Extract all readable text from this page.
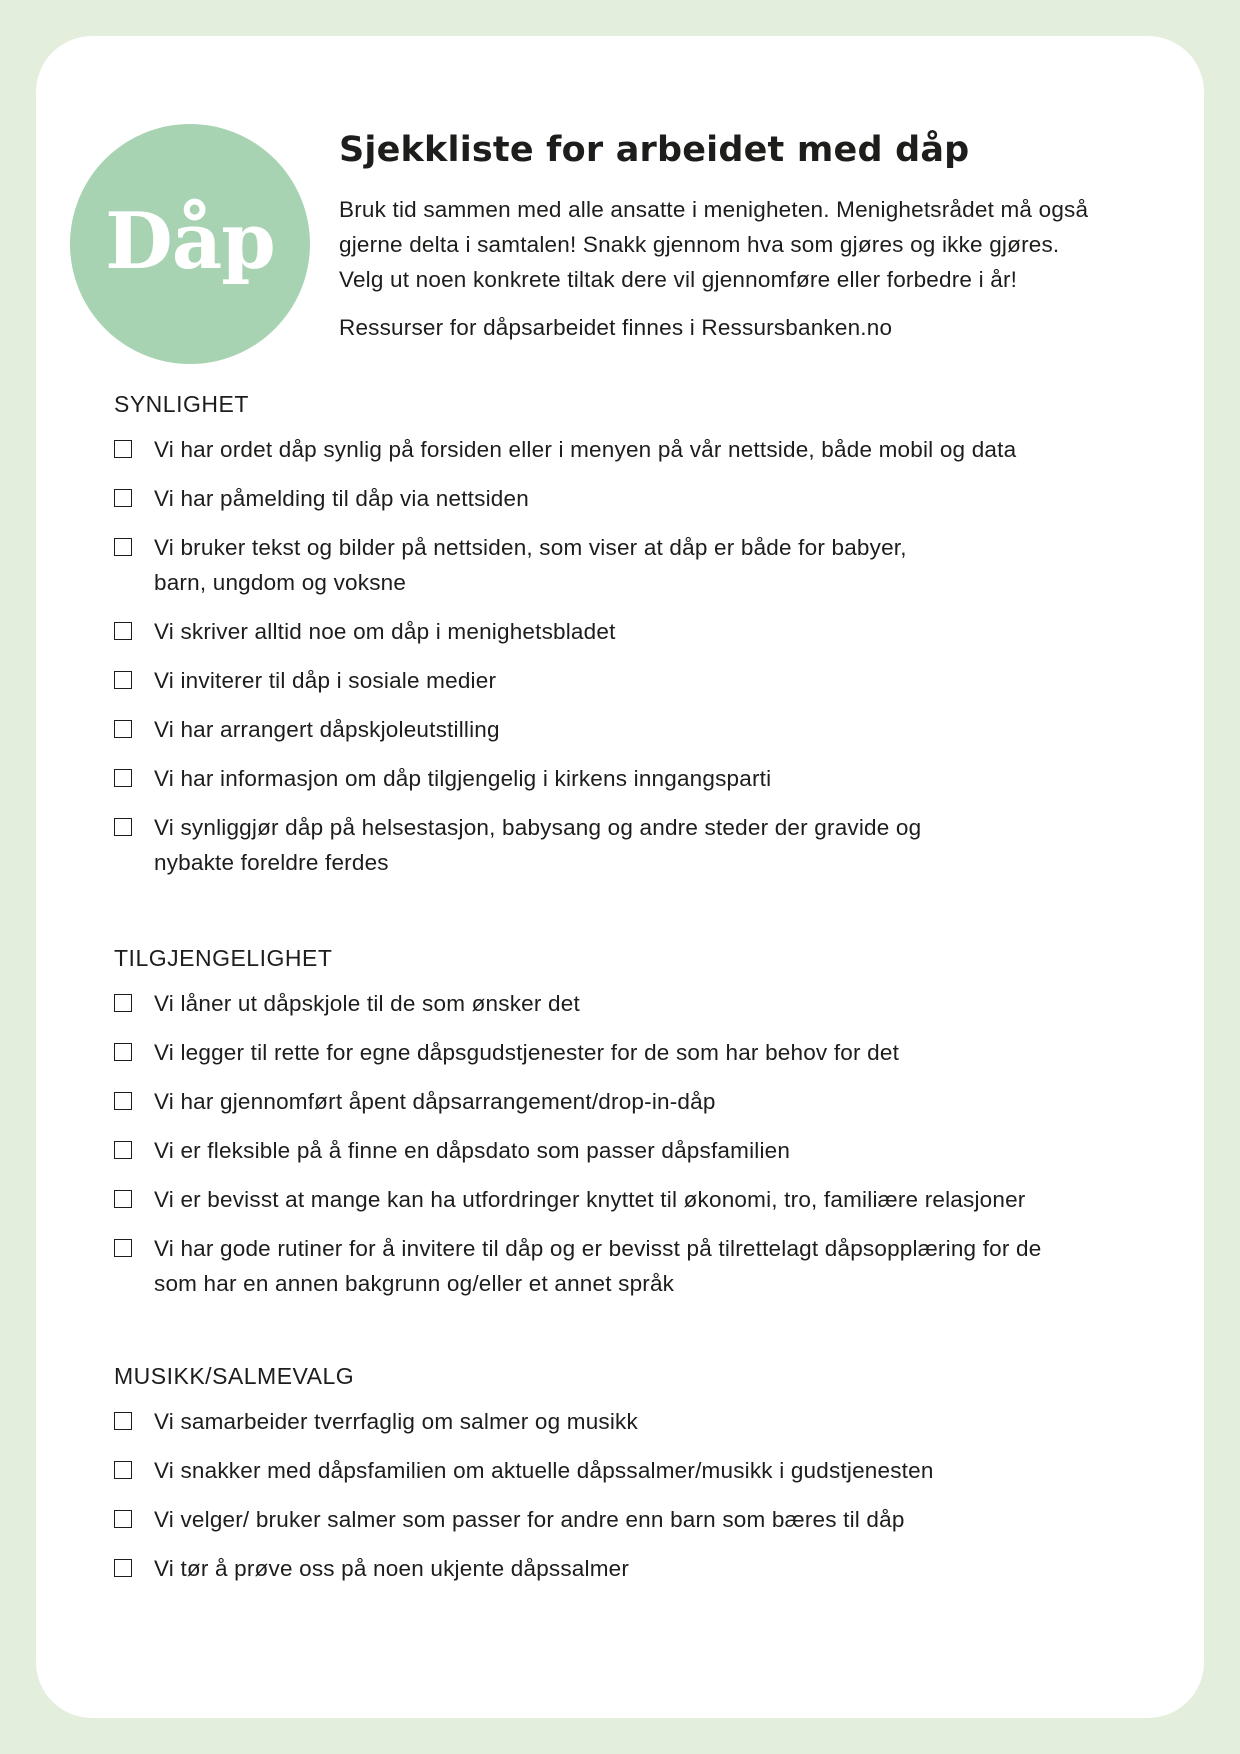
Dåp
Sjekkliste for arbeidet med dåp

Bruk tid sammen med alle ansatte i menigheten. Menighetsrådet må også
gjerne delta i samtalen! Snakk gjennom hva som gjøres og ikke gjøres.
Velg ut noen konkrete tiltak dere vil gjennomføre eller forbedre i år!

Ressurser for dåpsarbeidet finnes i Ressursbanken.no

SYNLIGHET
Vi har ordet dåp synlig på forsiden eller i menyen på vår nettside, både mobil og data
Vi har påmelding til dåp via nettsiden
Vi bruker tekst og bilder på nettsiden, som viser at dåp er både for babyer,
barn, ungdom og voksne
Vi skriver alltid noe om dåp i menighetsbladet
Vi inviterer til dåp i sosiale medier
Vi har arrangert dåpskjoleutstilling
Vi har informasjon om dåp tilgjengelig i kirkens inngangsparti
Vi synliggjør dåp på helsestasjon, babysang og andre steder der gravide og
nybakte foreldre ferdes
TILGJENGELIGHET
Vi låner ut dåpskjole til de som ønsker det
Vi legger til rette for egne dåpsgudstjenester for de som har behov for det
Vi har gjennomført åpent dåpsarrangement/drop-in-dåp
Vi er fleksible på å finne en dåpsdato som passer dåpsfamilien
Vi er bevisst at mange kan ha utfordringer knyttet til økonomi, tro, familiære relasjoner
Vi har gode rutiner for å invitere til dåp og er bevisst på tilrettelagt dåpsopplæring for de
som har en annen bakgrunn og/eller et annet språk
MUSIKK/SALMEVALG
Vi samarbeider tverrfaglig om salmer og musikk
Vi snakker med dåpsfamilien om aktuelle dåpssalmer/musikk i gudstjenesten
Vi velger/ bruker salmer som passer for andre enn barn som bæres til dåp
Vi tør å prøve oss på noen ukjente dåpssalmer
